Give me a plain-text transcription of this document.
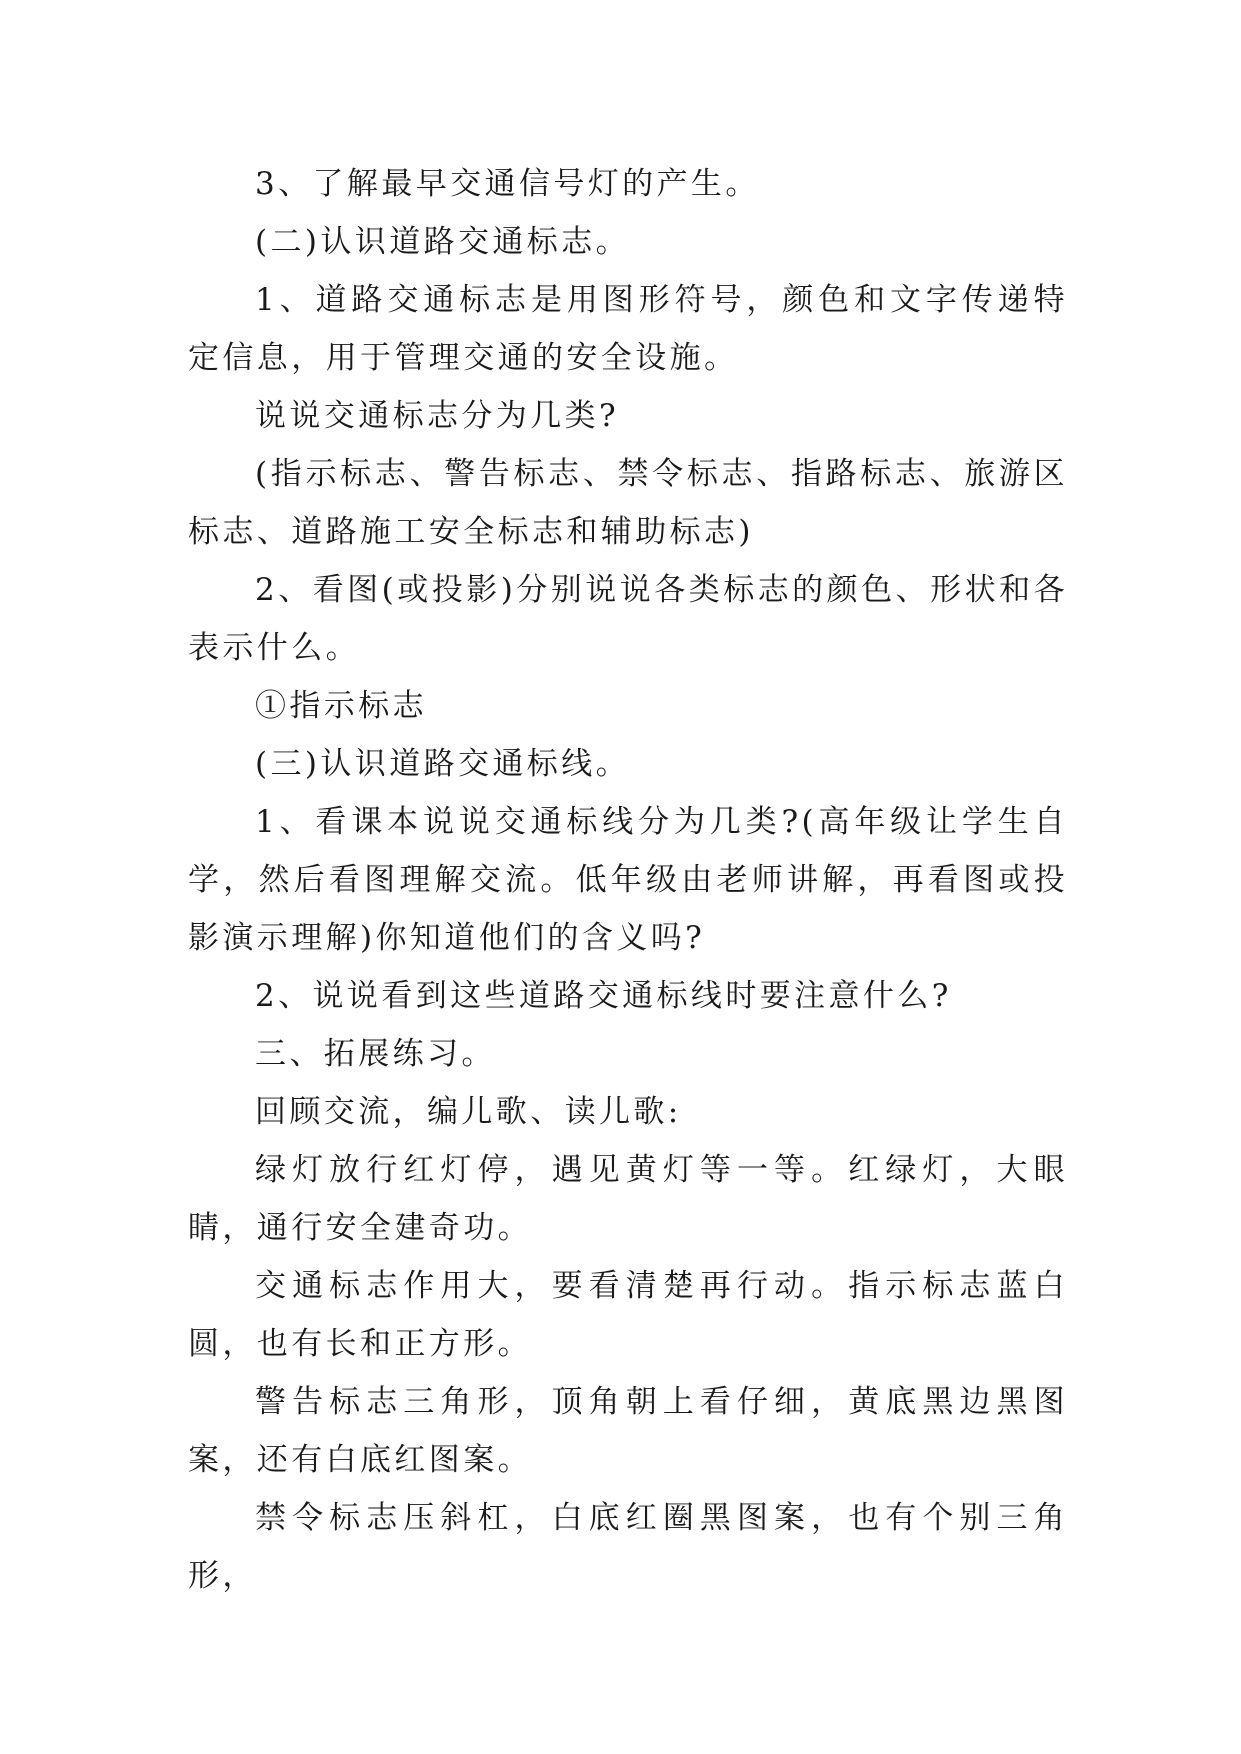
3、了解最早交通信号灯的产生。

(二)认识道路交通标志。

1、道路交通标志是用图形符号，颜色和文字传递特定信息，用于管理交通的安全设施。

说说交通标志分为几类?

(指示标志、警告标志、禁令标志、指路标志、旅游区标志、道路施工安全标志和辅助标志)

2、看图(或投影)分别说说各类标志的颜色、形状和各表示什么。

①指示标志

(三)认识道路交通标线。

1、看课本说说交通标线分为几类?(高年级让学生自学，然后看图理解交流。低年级由老师讲解，再看图或投影演示理解)你知道他们的含义吗?

2、说说看到这些道路交通标线时要注意什么?

三、拓展练习。

回顾交流，编儿歌、读儿歌:

绿灯放行红灯停，遇见黄灯等一等。红绿灯，大眼睛，通行安全建奇功。

交通标志作用大，要看清楚再行动。指示标志蓝白圆，也有长和正方形。

警告标志三角形，顶角朝上看仔细，黄底黑边黑图案，还有白底红图案。

禁令标志压斜杠，白底红圈黑图案，也有个别三角形，
